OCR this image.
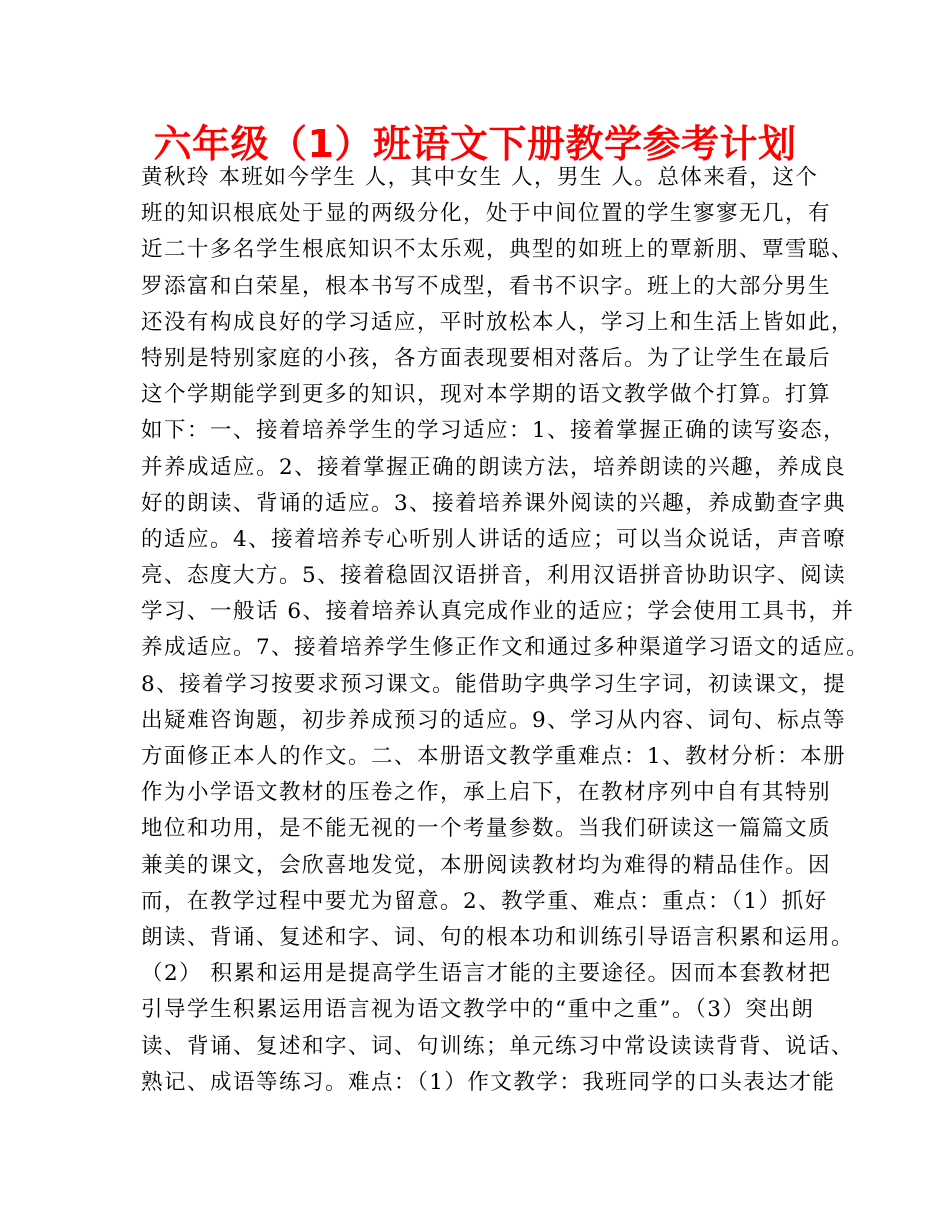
六年级（1）班语文下册教学参考计划
黄秋玲 本班如今学生 人，其中女生 人，男生 人。总体来看，这个
班的知识根底处于显的两级分化，处于中间位置的学生寥寥无几，有
近二十多名学生根底知识不太乐观，典型的如班上的覃新朋、覃雪聪、
罗添富和白荣星，根本书写不成型，看书不识字。班上的大部分男生
还没有构成良好的学习适应，平时放松本人，学习上和生活上皆如此，
特别是特别家庭的小孩，各方面表现要相对落后。为了让学生在最后
这个学期能学到更多的知识，现对本学期的语文教学做个打算。打算
如下：一、接着培养学生的学习适应：1、接着掌握正确的读写姿态，
并养成适应。2、接着掌握正确的朗读方法，培养朗读的兴趣，养成良
好的朗读、背诵的适应。3、接着培养课外阅读的兴趣，养成勤查字典
的适应。4、接着培养专心听别人讲话的适应；可以当众说话，声音嘹
亮、态度大方。5、接着稳固汉语拼音，利用汉语拼音协助识字、阅读
学习、一般话 6、接着培养认真完成作业的适应；学会使用工具书，并
养成适应。7、接着培养学生修正作文和通过多种渠道学习语文的适应。
8、接着学习按要求预习课文。能借助字典学习生字词，初读课文，提
出疑难咨询题，初步养成预习的适应。9、学习从内容、词句、标点等
方面修正本人的作文。二、本册语文教学重难点：1、教材分析：本册
作为小学语文教材的压卷之作，承上启下，在教材序列中自有其特别
地位和功用，是不能无视的一个考量参数。当我们研读这一篇篇文质
兼美的课文，会欣喜地发觉，本册阅读教材均为难得的精品佳作。因
而，在教学过程中要尤为留意。2、教学重、难点：重点：（1）抓好
朗读、背诵、复述和字、词、句的根本功和训练引导语言积累和运用。
（2） 积累和运用是提高学生语言才能的主要途径。因而本套教材把
引导学生积累运用语言视为语文教学中的“重中之重”。（3）突出朗
读、背诵、复述和字、词、句训练；单元练习中常设读读背背、说话、
熟记、成语等练习。难点：（1）作文教学：我班同学的口头表达才能
